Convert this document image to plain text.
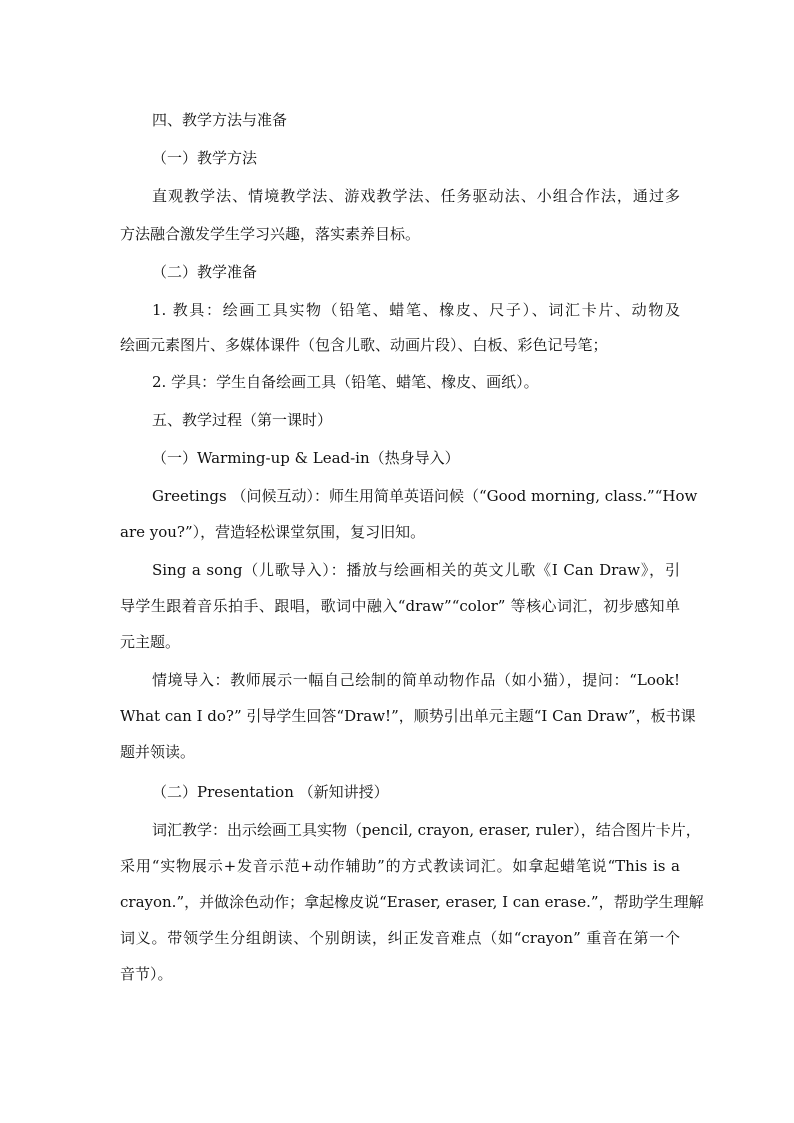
四、教学方法与准备
（一）教学方法
直观教学法、情境教学法、游戏教学法、任务驱动法、小组合作法，通过多
方法融合激发学生学习兴趣，落实素养目标。
（二）教学准备
1. 教具：绘画工具实物（铅笔、蜡笔、橡皮、尺子）、词汇卡片、动物及
绘画元素图片、多媒体课件（包含儿歌、动画片段）、白板、彩色记号笔；
2. 学具：学生自备绘画工具（铅笔、蜡笔、橡皮、画纸）。
五、教学过程（第一课时）
（一）Warming-up & Lead-in（热身导入）
Greetings （问候互动）：师生用简单英语问候（“Good morning, class.”“How
are you?”），营造轻松课堂氛围，复习旧知。
Sing a song（儿歌导入）：播放与绘画相关的英文儿歌《I Can Draw》，引
导学生跟着音乐拍手、跟唱，歌词中融入“draw”“color” 等核心词汇，初步感知单
元主题。
情境导入：教师展示一幅自己绘制的简单动物作品（如小猫），提问：“Look!
What can I do?” 引导学生回答“Draw!”，顺势引出单元主题“I Can Draw”，板书课
题并领读。
（二）Presentation （新知讲授）
词汇教学：出示绘画工具实物（pencil, crayon, eraser, ruler），结合图片卡片，
采用“实物展示+发音示范+动作辅助”的方式教读词汇。如拿起蜡笔说“This is a
crayon.”，并做涂色动作；拿起橡皮说“Eraser, eraser, I can erase.”，帮助学生理解
词义。带领学生分组朗读、个别朗读，纠正发音难点（如“crayon” 重音在第一个
音节）。
